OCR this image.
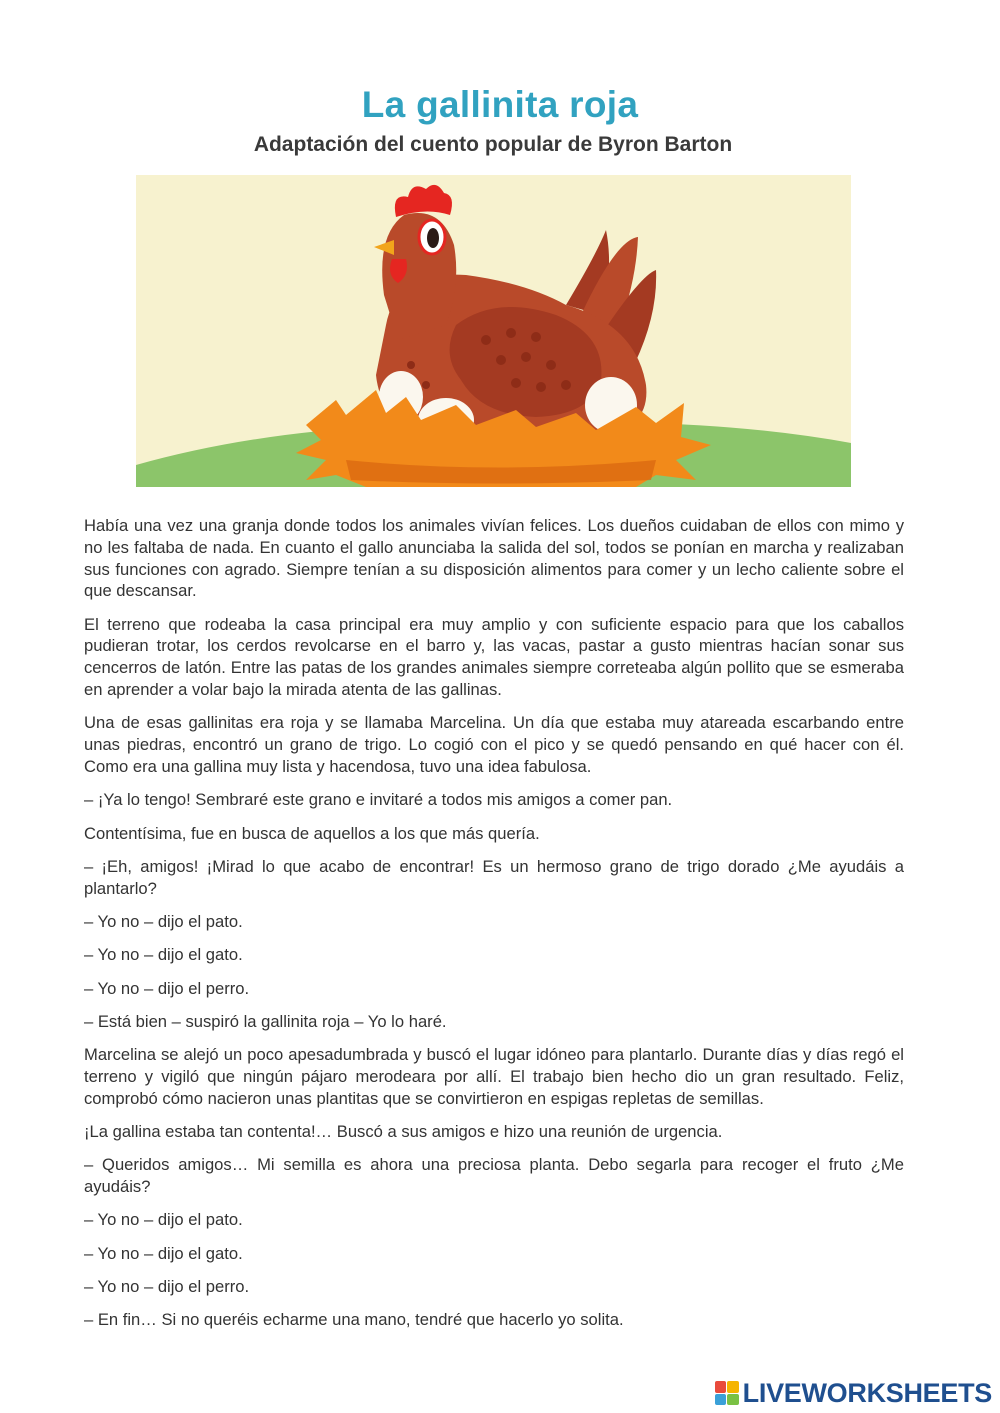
La gallinita roja
Adaptación del cuento popular de Byron Barton

Había una vez una granja donde todos los animales vivían felices. Los dueños cuidaban de ellos con mimo y no les faltaba de nada. En cuanto el gallo anunciaba la salida del sol, todos se ponían en marcha y realizaban sus funciones con agrado. Siempre tenían a su disposición alimentos para comer y un lecho caliente sobre el que descansar.

El terreno que rodeaba la casa principal era muy amplio y con suficiente espacio para que los caballos pudieran trotar, los cerdos revolcarse en el barro y, las vacas, pastar a gusto mientras hacían sonar sus cencerros de latón. Entre las patas de los grandes animales siempre correteaba algún pollito que se esmeraba en aprender a volar bajo la mirada atenta de las gallinas.

Una de esas gallinitas era roja y se llamaba Marcelina. Un día que estaba muy atareada escarbando entre unas piedras, encontró un grano de trigo. Lo cogió con el pico y se quedó pensando en qué hacer con él. Como era una gallina muy lista y hacendosa, tuvo una idea fabulosa.

– ¡Ya lo tengo! Sembraré este grano e invitaré a todos mis amigos a comer pan.

Contentísima, fue en busca de aquellos a los que más quería.

– ¡Eh, amigos! ¡Mirad lo que acabo de encontrar! Es un hermoso grano de trigo dorado ¿Me ayudáis a plantarlo?

– Yo no – dijo el pato.

– Yo no – dijo el gato.

– Yo no – dijo el perro.

– Está bien – suspiró la gallinita roja – Yo lo haré.

Marcelina se alejó un poco apesadumbrada y buscó el lugar idóneo para plantarlo. Durante días y días regó el terreno y vigiló que ningún pájaro merodeara por allí. El trabajo bien hecho dio un gran resultado. Feliz, comprobó cómo nacieron unas plantitas que se convirtieron en espigas repletas de semillas.

¡La gallina estaba tan contenta!… Buscó a sus amigos e hizo una reunión de urgencia.

– Queridos amigos… Mi semilla es ahora una preciosa planta. Debo segarla para recoger el fruto ¿Me ayudáis?

– Yo no – dijo el pato.

– Yo no – dijo el gato.

– Yo no – dijo el perro.

– En fin… Si no queréis echarme una mano, tendré que hacerlo yo solita.

LIVEWORKSHEETS
